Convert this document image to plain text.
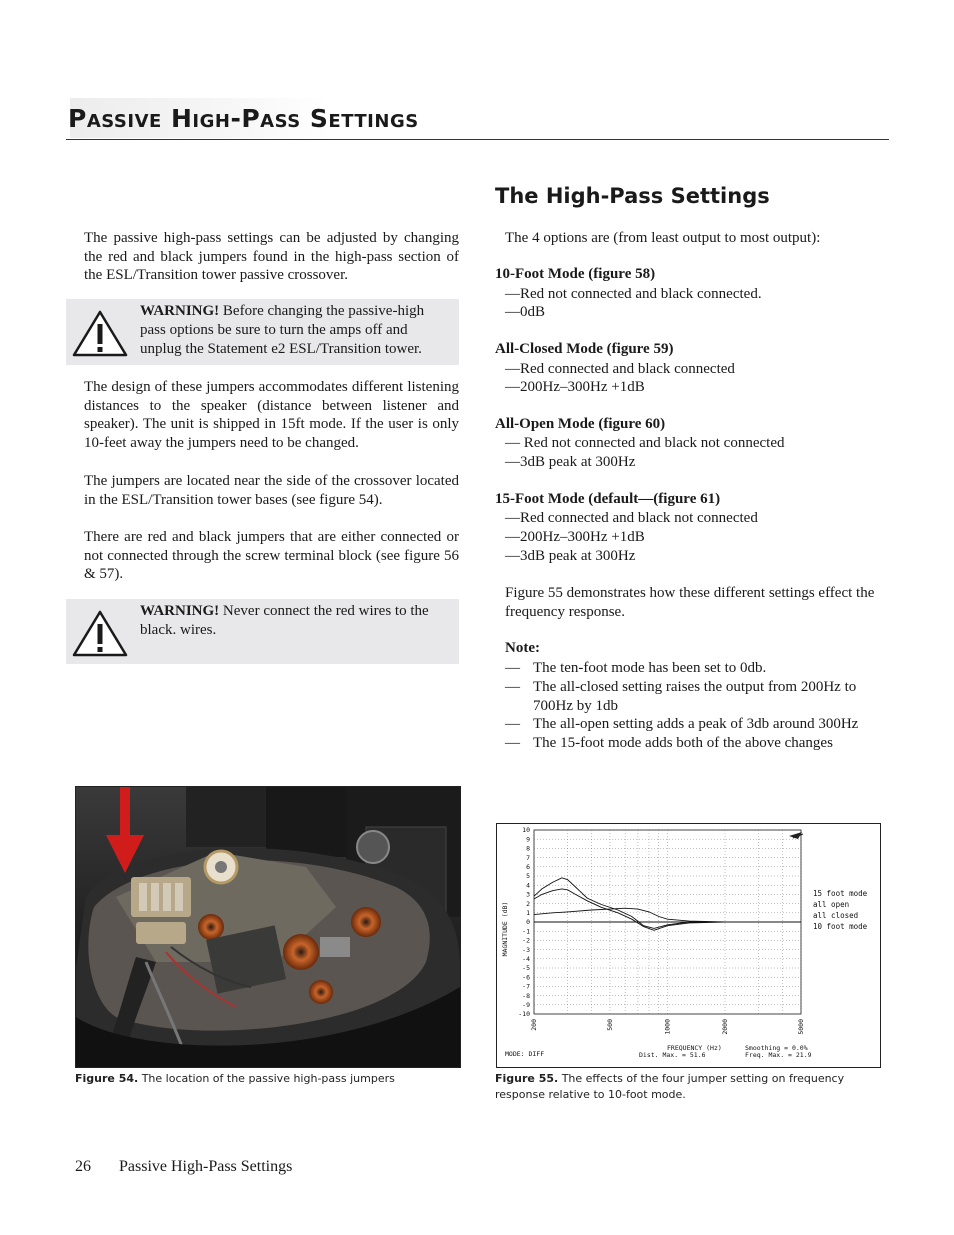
Passive High-Pass Settings
The High-Pass Settings

The passive high-pass settings can be adjusted by changing the red and black jumpers found in the high-pass section of the ESL/Transition tower passive crossover.

WARNING! Before changing the passive-high pass options be sure to turn the amps off and unplug the Statement e2 ESL/Transition tower.

The design of these jumpers accommodates different listening distances to the speaker (distance between listener and speaker). The unit is shipped in 15ft mode. If the user is only 10-feet away the jumpers need to be changed.

The jumpers are located near the side of the crossover located in the ESL/Transition tower bases (see figure 54).

There are red and black jumpers that are either connected or not connected through the screw terminal block (see figure 56 & 57).

WARNING! Never connect the red wires to the black. wires.

The 4 options are (from least output to most output):

10-Foot Mode (figure 58)

—Red not connected and black connected.

—0dB

All-Closed Mode (figure 59)

—Red connected and black connected

—200Hz–300Hz +1dB

All-Open Mode (figure 60)

— Red not connected and black not connected

—3dB peak at 300Hz

15-Foot Mode (default—(figure 61)

—Red connected and black not connected

—200Hz–300Hz +1dB

—3dB peak at 300Hz

Figure 55 demonstrates how these different settings effect the frequency response.

Note:

— The ten-foot mode has been set to 0db.
— The all-closed setting raises the output from 200Hz to 700Hz by 1db
— The all-open setting adds a peak of 3db around 300Hz
— The 15-foot mode adds both of the above changes
10
9
8
7
6
5
4
3
2
1
0
-1
-2
-3
-4
-5
-6
-7
-8
-9
-10
200	500	1000	2000	5000
15 foot mode
all open
all closed
10 foot mode
MAGNITUDE (dB)
MODE: DIFF
FREQUENCY (Hz)
Dist. Max. = 51.6
Smoothing = 0.0%
Freq. Max. = 21.9
Figure 54. The location of the passive high-pass jumpers	Figure 55. The effects of the four jumper setting on frequency response relative to 10-foot mode.
26 Passive High-Pass Settings
